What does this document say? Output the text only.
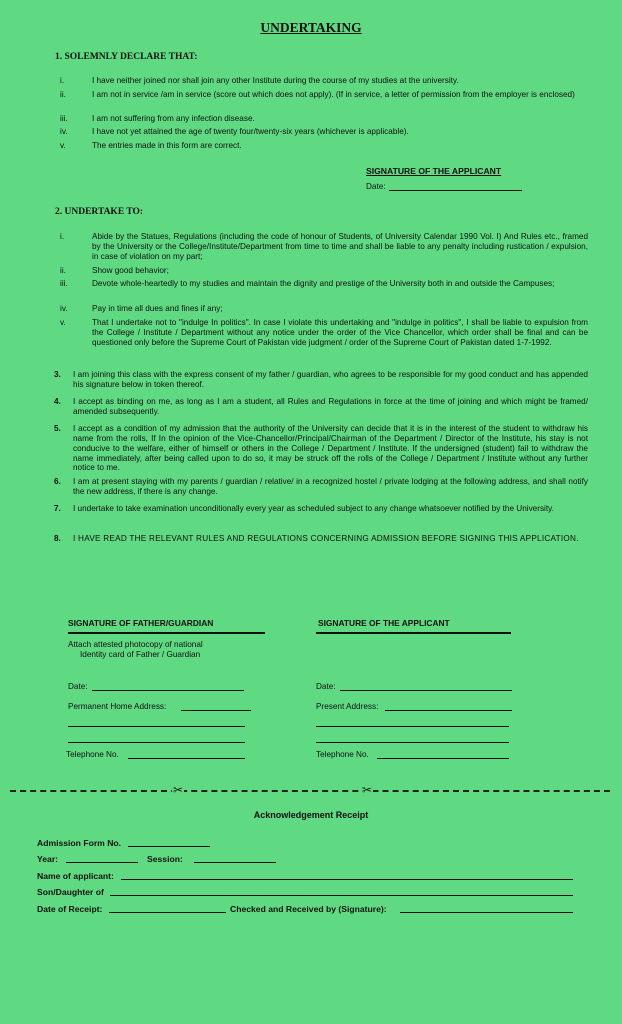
UNDERTAKING
1. SOLEMNLY DECLARE THAT:
i.	I have neither joined nor shall join any other Institute during the course of my studies at the university.
ii.	I am not in service /am in service (score out which does not apply). (If in service, a letter of permission from the employer is enclosed)
iii.	I am not suffering from any infection disease.
iv.	I have not yet attained the age of twenty four/twenty-six years (whichever is applicable).
v.	The entries made in this form are correct.
SIGNATURE OF THE APPLICANT
Date:
2. UNDERTAKE TO:
i.	Abide by the Statues, Regulations (including the code of honour of Students, of University Calendar 1990 Vol. I) And Rules etc., framed by the University or the College/Institute/Department from time to time and shall be liable to any penalty including rustication / expulsion, in case of violation on my part;
ii.	Show good behavior;
iii.	Devote whole-heartedly to my studies and maintain the dignity and prestige of the University both in and outside the Campuses;
iv.	Pay in time all dues and fines if any;
v.	That I undertake not to "indulge In politics". In case I violate this undertaking and "indulge in politics", I shall be liable to expulsion from the College / Institute / Department without any notice under the order of the Vice Chancellor, which order shall be final and can be questioned only before the Supreme Court of Pakistan vide judgment / order of the Supreme Court of Pakistan dated 1-7-1992.
3. I am joining this class with the express consent of my father / guardian, who agrees to be responsible for my good conduct and has appended his signature below in token thereof.
4. I accept as binding on me, as long as I am a student, all Rules and Regulations in force at the time of joining and which might be framed/ amended subsequently.
5. I accept as a condition of my admission that the authority of the University can decide that it is in the interest of the student to withdraw his name from the rolls, If In the opinion of the Vice-Chancellor/Principal/Chairman of the Department / Director of the Institute, his stay is not conducive to the welfare, either of himself or others in the College / Department / Institute. If the undersigned (student) fail to withdraw the name immediately, after being called upon to do so, it may be struck off the rolls of the College / Department / Institute without any further notice to me.
6. I am at present staying with my parents / guardian / relative/ in a recognized hostel / private lodging at the following address, and shall notify the new address, if there is any change.
7. I undertake to take examination unconditionally every year as scheduled subject to any change whatsoever notified by the University.
8. I HAVE READ THE RELEVANT RULES AND REGULATIONS CONCERNING ADMISSION BEFORE SIGNING THIS APPLICATION.
SIGNATURE OF FATHER/GUARDIAN	SIGNATURE OF THE APPLICANT
Attach attested photocopy of national
Identity card of Father / Guardian
Date:	Date:
Permanent Home Address:	Present Address:
Telephone No.	Telephone No.
✂	✂
Acknowledgement Receipt
Admission Form No.
Year:	Session:
Name of applicant:
Son/Daughter of
Date of Receipt:	Checked and Received by (Signature):
